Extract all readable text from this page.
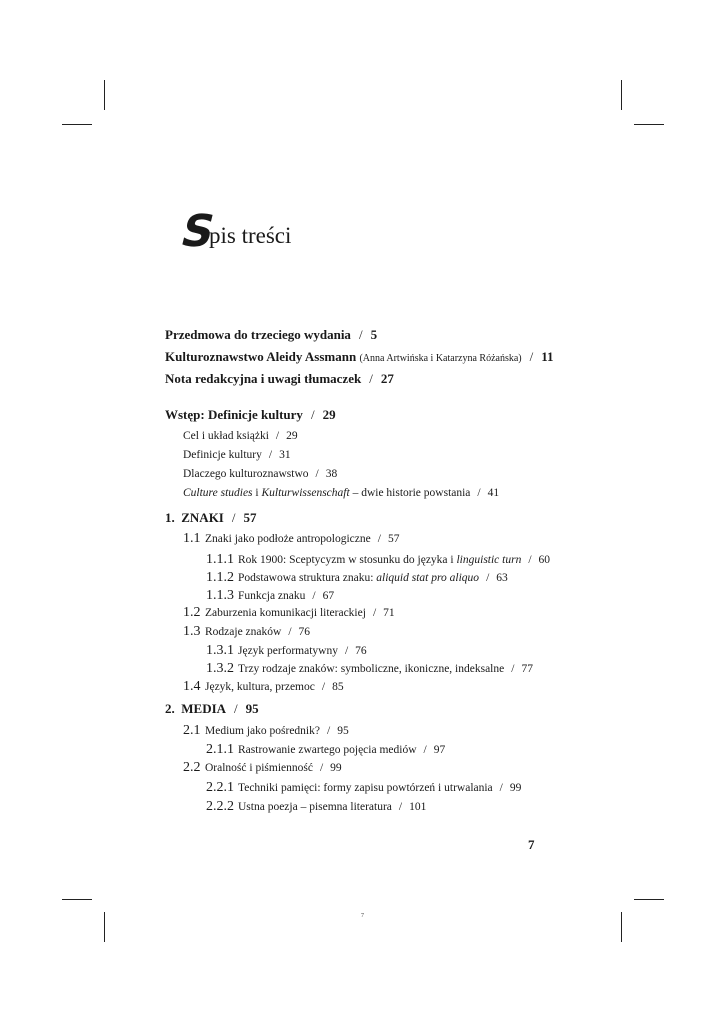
S
pis treści
Przedmowa do trzeciego wydania / 5
Kulturoznawstwo Aleidy Assmann (Anna Artwińska i Katarzyna Różańska) / 11
Nota redakcyjna i uwagi tłumaczek / 27
Wstęp: Definicje kultury / 29
Cel i układ książki / 29
Definicje kultury / 31
Dlaczego kulturoznawstwo / 38
Culture studies i Kulturwissenschaft – dwie historie powstania / 41
1.  ZNAKI / 57
1.1 Znaki jako podłoże antropologiczne / 57
1.1.1 Rok 1900: Sceptycyzm w stosunku do języka i linguistic turn / 60
1.1.2 Podstawowa struktura znaku: aliquid stat pro aliquo / 63
1.1.3 Funkcja znaku / 67
1.2 Zaburzenia komunikacji literackiej / 71
1.3 Rodzaje znaków / 76
1.3.1 Język performatywny / 76
1.3.2 Trzy rodzaje znaków: symboliczne, ikoniczne, indeksalne / 77
1.4 Język, kultura, przemoc / 85
2.  MEDIA / 95
2.1 Medium jako pośrednik? / 95
2.1.1 Rastrowanie zwartego pojęcia mediów / 97
2.2 Oralność i piśmienność / 99
2.2.1 Techniki pamięci: formy zapisu powtórzeń i utrwalania / 99
2.2.2 Ustna poezja – pisemna literatura / 101
7
7
